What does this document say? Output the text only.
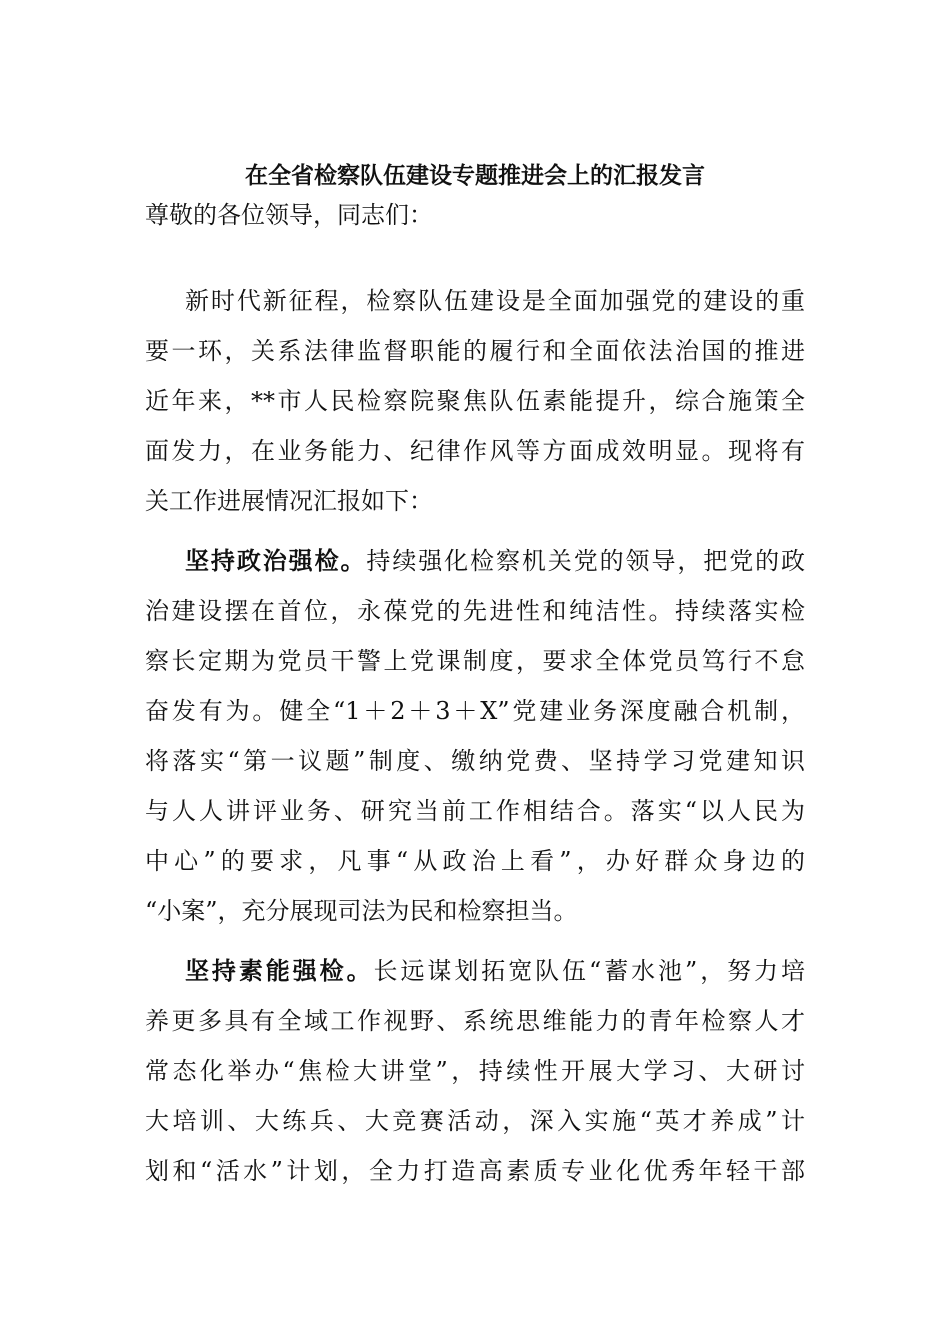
在全省检察队伍建设专题推进会上的汇报发言
尊敬的各位领导，同志们：
新时代新征程，检察队伍建设是全面加强党的建设的重
要一环，关系法律监督职能的履行和全面依法治国的推进
近年来，**市人民检察院聚焦队伍素能提升，综合施策全
面发力，在业务能力、纪律作风等方面成效明显。现将有
关工作进展情况汇报如下：
坚持政治强检。持续强化检察机关党的领导，把党的政
治建设摆在首位，永葆党的先进性和纯洁性。持续落实检
察长定期为党员干警上党课制度，要求全体党员笃行不怠
奋发有为。健全“1＋2＋3＋X”党建业务深度融合机制，
将落实“第一议题”制度、缴纳党费、坚持学习党建知识
与人人讲评业务、研究当前工作相结合。落实“以人民为
中心”的要求，凡事“从政治上看”，办好群众身边的
“小案”，充分展现司法为民和检察担当。
坚持素能强检。长远谋划拓宽队伍“蓄水池”，努力培
养更多具有全域工作视野、系统思维能力的青年检察人才
常态化举办“焦检大讲堂”，持续性开展大学习、大研讨
大培训、大练兵、大竞赛活动，深入实施“英才养成”计
划和“活水”计划，全力打造高素质专业化优秀年轻干部
